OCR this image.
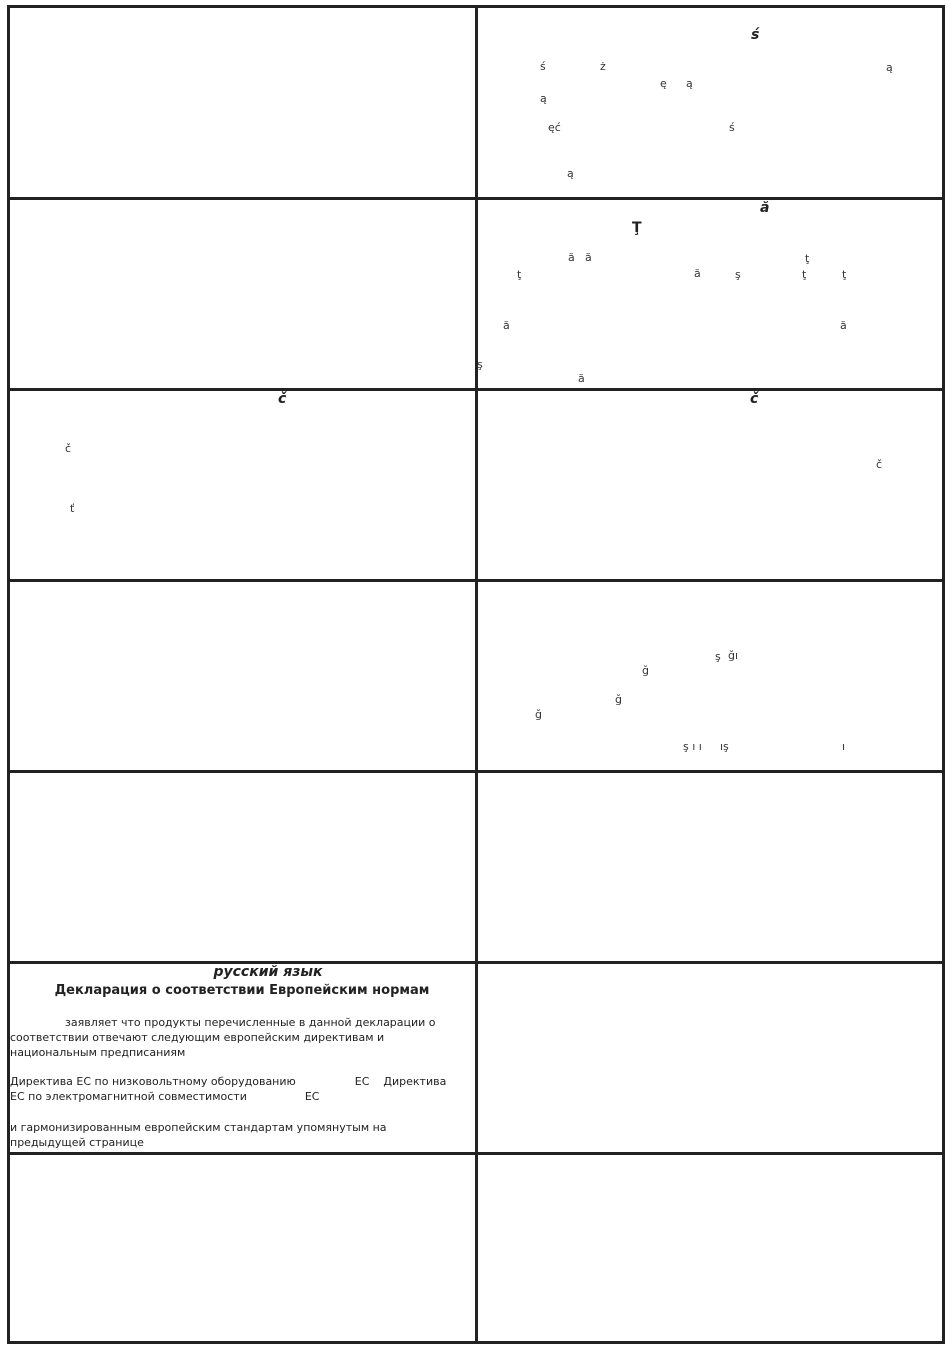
ś
ś	ż	ą
ę ą
ą
ęć	ś
ą
ă
Ţ
ă ă	ţ
ţ	ă	ş	ţ	ţ
ă	ă
ş
ă
č
č
ť
č
č
ş ğı
ğ
ğ
ğ
ş ı ı ış	ı
русский язык
Декларация о соответствии Европейским нормам
заявляет что продукты перечисленные в данной декларации о
соответствии отвечают следующим европейским директивам и
национальным предписаниям
Директива ЕС по низковольтному оборудованию	ЕС Директива
ЕС по электромагнитной совместимости	ЕС
и гармонизированным европейским стандартам упомянутым на
предыдущей странице
